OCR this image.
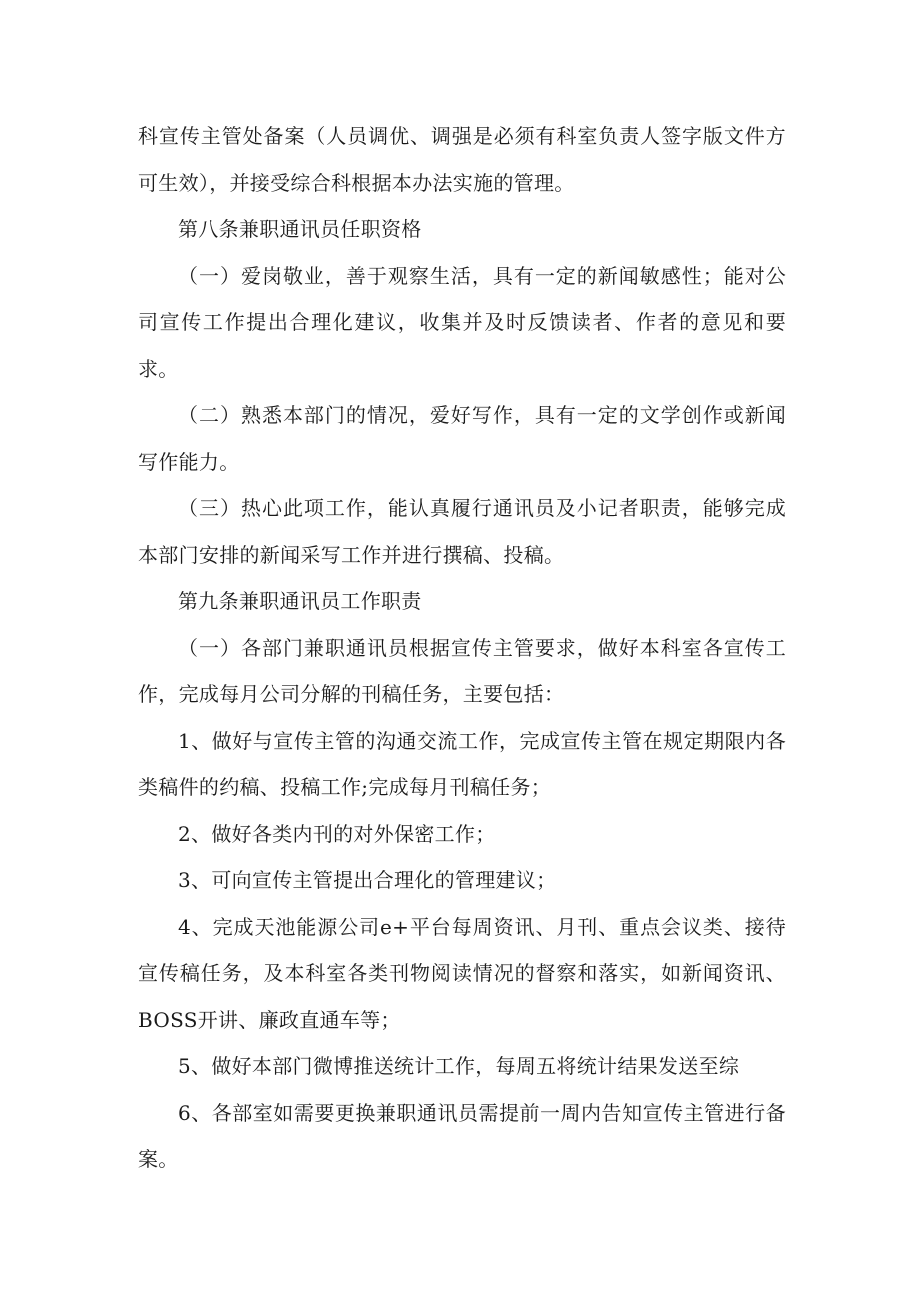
科宣传主管处备案（人员调优、调强是必须有科室负责人签字版文件方可生效），并接受综合科根据本办法实施的管理。

第八条兼职通讯员任职资格

（一）爱岗敬业，善于观察生活，具有一定的新闻敏感性；能对公司宣传工作提出合理化建议，收集并及时反馈读者、作者的意见和要求。

（二）熟悉本部门的情况，爱好写作，具有一定的文学创作或新闻写作能力。

（三）热心此项工作，能认真履行通讯员及小记者职责，能够完成本部门安排的新闻采写工作并进行撰稿、投稿。

第九条兼职通讯员工作职责

（一）各部门兼职通讯员根据宣传主管要求，做好本科室各宣传工作，完成每月公司分解的刊稿任务，主要包括：

1、做好与宣传主管的沟通交流工作，完成宣传主管在规定期限内各类稿件的约稿、投稿工作;完成每月刊稿任务；

2、做好各类内刊的对外保密工作；

3、可向宣传主管提出合理化的管理建议；

4、完成天池能源公司e+平台每周资讯、月刊、重点会议类、接待宣传稿任务，及本科室各类刊物阅读情况的督察和落实，如新闻资讯、BOSS开讲、廉政直通车等；

5、做好本部门微博推送统计工作，每周五将统计结果发送至综

6、各部室如需要更换兼职通讯员需提前一周内告知宣传主管进行备案。
